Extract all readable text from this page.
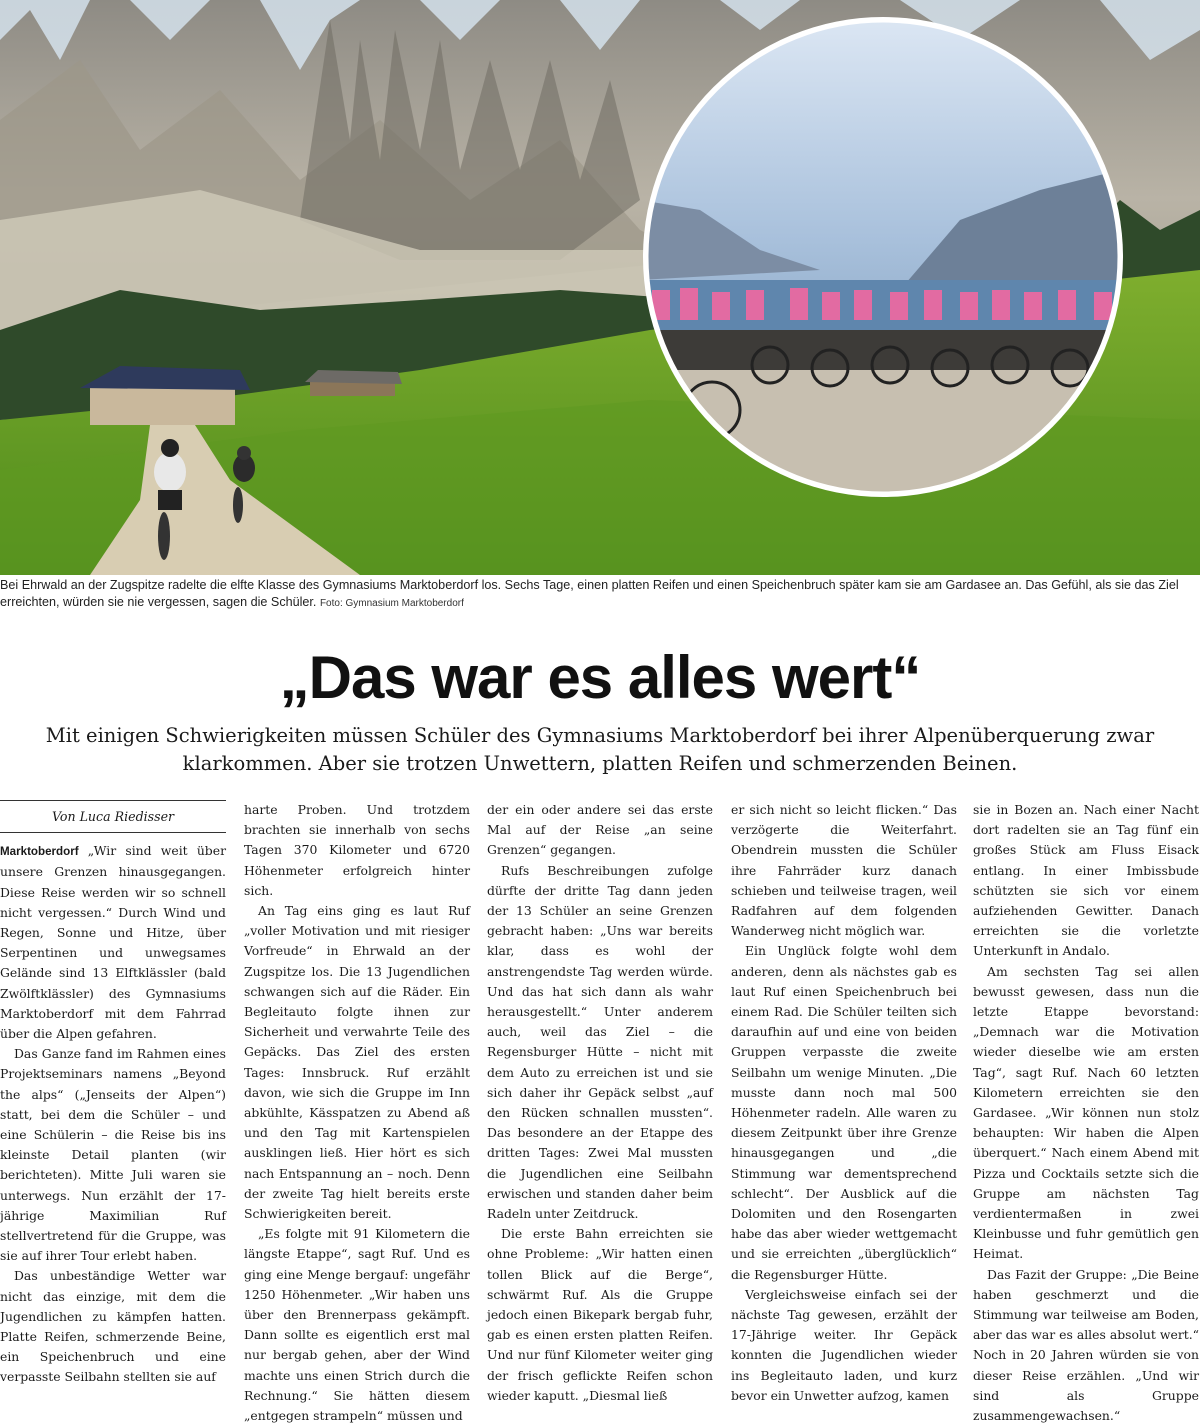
Bei Ehrwald an der Zugspitze radelte die elfte Klasse des Gymnasiums Marktoberdorf los. Sechs Tage, einen platten Reifen und einen Speichenbruch später kam sie am Gardasee an. Das Gefühl, als sie das Ziel erreichten, würden sie nie vergessen, sagen die Schüler. Foto: Gymnasium Marktoberdorf
„Das war es alles wert“
Mit einigen Schwierigkeiten müssen Schüler des Gymnasiums Marktoberdorf bei ihrer Alpenüberquerung zwar klarkommen. Aber sie trotzen Unwettern, platten Reifen und schmerzenden Beinen.
Von Luca Riedisser

Marktoberdorf „Wir sind weit über unsere Grenzen hinausgegangen. Diese Reise werden wir so schnell nicht vergessen.“ Durch Wind und Regen, Sonne und Hitze, über Serpentinen und unwegsames Gelände sind 13 Elftklässler (bald Zwölftklässler) des Gymnasiums Marktoberdorf mit dem Fahrrad über die Alpen gefahren.

Das Ganze fand im Rahmen eines Projektseminars namens „Beyond the alps“ („Jenseits der Alpen“) statt, bei dem die Schüler – und eine Schülerin – die Reise bis ins kleinste Detail planten (wir berichteten). Mitte Juli waren sie unterwegs. Nun erzählt der 17-jährige Maximilian Ruf stellvertretend für die Gruppe, was sie auf ihrer Tour erlebt haben.

Das unbeständige Wetter war nicht das einzige, mit dem die Jugendlichen zu kämpfen hatten. Platte Reifen, schmerzende Beine, ein Speichenbruch und eine verpasste Seilbahn stellten sie auf

harte Proben. Und trotzdem brachten sie innerhalb von sechs Tagen 370 Kilometer und 6720 Höhenmeter erfolgreich hinter sich.

An Tag eins ging es laut Ruf „voller Motivation und mit riesiger Vorfreude“ in Ehrwald an der Zugspitze los. Die 13 Jugendlichen schwangen sich auf die Räder. Ein Begleitauto folgte ihnen zur Sicherheit und verwahrte Teile des Gepäcks. Das Ziel des ersten Tages: Innsbruck. Ruf erzählt davon, wie sich die Gruppe im Inn abkühlte, Kässpatzen zu Abend aß und den Tag mit Kartenspielen ausklingen ließ. Hier hört es sich nach Entspannung an – noch. Denn der zweite Tag hielt bereits erste Schwierigkeiten bereit.

„Es folgte mit 91 Kilometern die längste Etappe“, sagt Ruf. Und es ging eine Menge bergauf: ungefähr 1250 Höhenmeter. „Wir haben uns über den Brennerpass gekämpft. Dann sollte es eigentlich erst mal nur bergab gehen, aber der Wind machte uns einen Strich durch die Rechnung.“ Sie hätten diesem „entgegen strampeln“ müssen und

der ein oder andere sei das erste Mal auf der Reise „an seine Grenzen“ gegangen.

Rufs Beschreibungen zufolge dürfte der dritte Tag dann jeden der 13 Schüler an seine Grenzen gebracht haben: „Uns war bereits klar, dass es wohl der anstrengendste Tag werden würde. Und das hat sich dann als wahr herausgestellt.“ Unter anderem auch, weil das Ziel – die Regensburger Hütte – nicht mit dem Auto zu erreichen ist und sie sich daher ihr Gepäck selbst „auf den Rücken schnallen mussten“. Das besondere an der Etappe des dritten Tages: Zwei Mal mussten die Jugendlichen eine Seilbahn erwischen und standen daher beim Radeln unter Zeitdruck.

Die erste Bahn erreichten sie ohne Probleme: „Wir hatten einen tollen Blick auf die Berge“, schwärmt Ruf. Als die Gruppe jedoch einen Bikepark bergab fuhr, gab es einen ersten platten Reifen. Und nur fünf Kilometer weiter ging der frisch geflickte Reifen schon wieder kaputt. „Diesmal ließ

er sich nicht so leicht flicken.“ Das verzögerte die Weiterfahrt. Obendrein mussten die Schüler ihre Fahrräder kurz danach schieben und teilweise tragen, weil Radfahren auf dem folgenden Wanderweg nicht möglich war.

Ein Unglück folgte wohl dem anderen, denn als nächstes gab es laut Ruf einen Speichenbruch bei einem Rad. Die Schüler teilten sich daraufhin auf und eine von beiden Gruppen verpasste die zweite Seilbahn um wenige Minuten. „Die musste dann noch mal 500 Höhenmeter radeln. Alle waren zu diesem Zeitpunkt über ihre Grenze hinausgegangen und „die Stimmung war dementsprechend schlecht“. Der Ausblick auf die Dolomiten und den Rosengarten habe das aber wieder wettgemacht und sie erreichten „überglücklich“ die Regensburger Hütte.

Vergleichsweise einfach sei der nächste Tag gewesen, erzählt der 17-Jährige weiter. Ihr Gepäck konnten die Jugendlichen wieder ins Begleitauto laden, und kurz bevor ein Unwetter aufzog, kamen

sie in Bozen an. Nach einer Nacht dort radelten sie an Tag fünf ein großes Stück am Fluss Eisack entlang. In einer Imbissbude schützten sie sich vor einem aufziehenden Gewitter. Danach erreichten sie die vorletzte Unterkunft in Andalo.

Am sechsten Tag sei allen bewusst gewesen, dass nun die letzte Etappe bevorstand: „Demnach war die Motivation wieder dieselbe wie am ersten Tag“, sagt Ruf. Nach 60 letzten Kilometern erreichten sie den Gardasee. „Wir können nun stolz behaupten: Wir haben die Alpen überquert.“ Nach einem Abend mit Pizza und Cocktails setzte sich die Gruppe am nächsten Tag verdientermaßen in zwei Kleinbusse und fuhr gemütlich gen Heimat.

Das Fazit der Gruppe: „Die Beine haben geschmerzt und die Stimmung war teilweise am Boden, aber das war es alles absolut wert.“ Noch in 20 Jahren würden sie von dieser Reise erzählen. „Und wir sind als Gruppe zusammengewachsen.“
